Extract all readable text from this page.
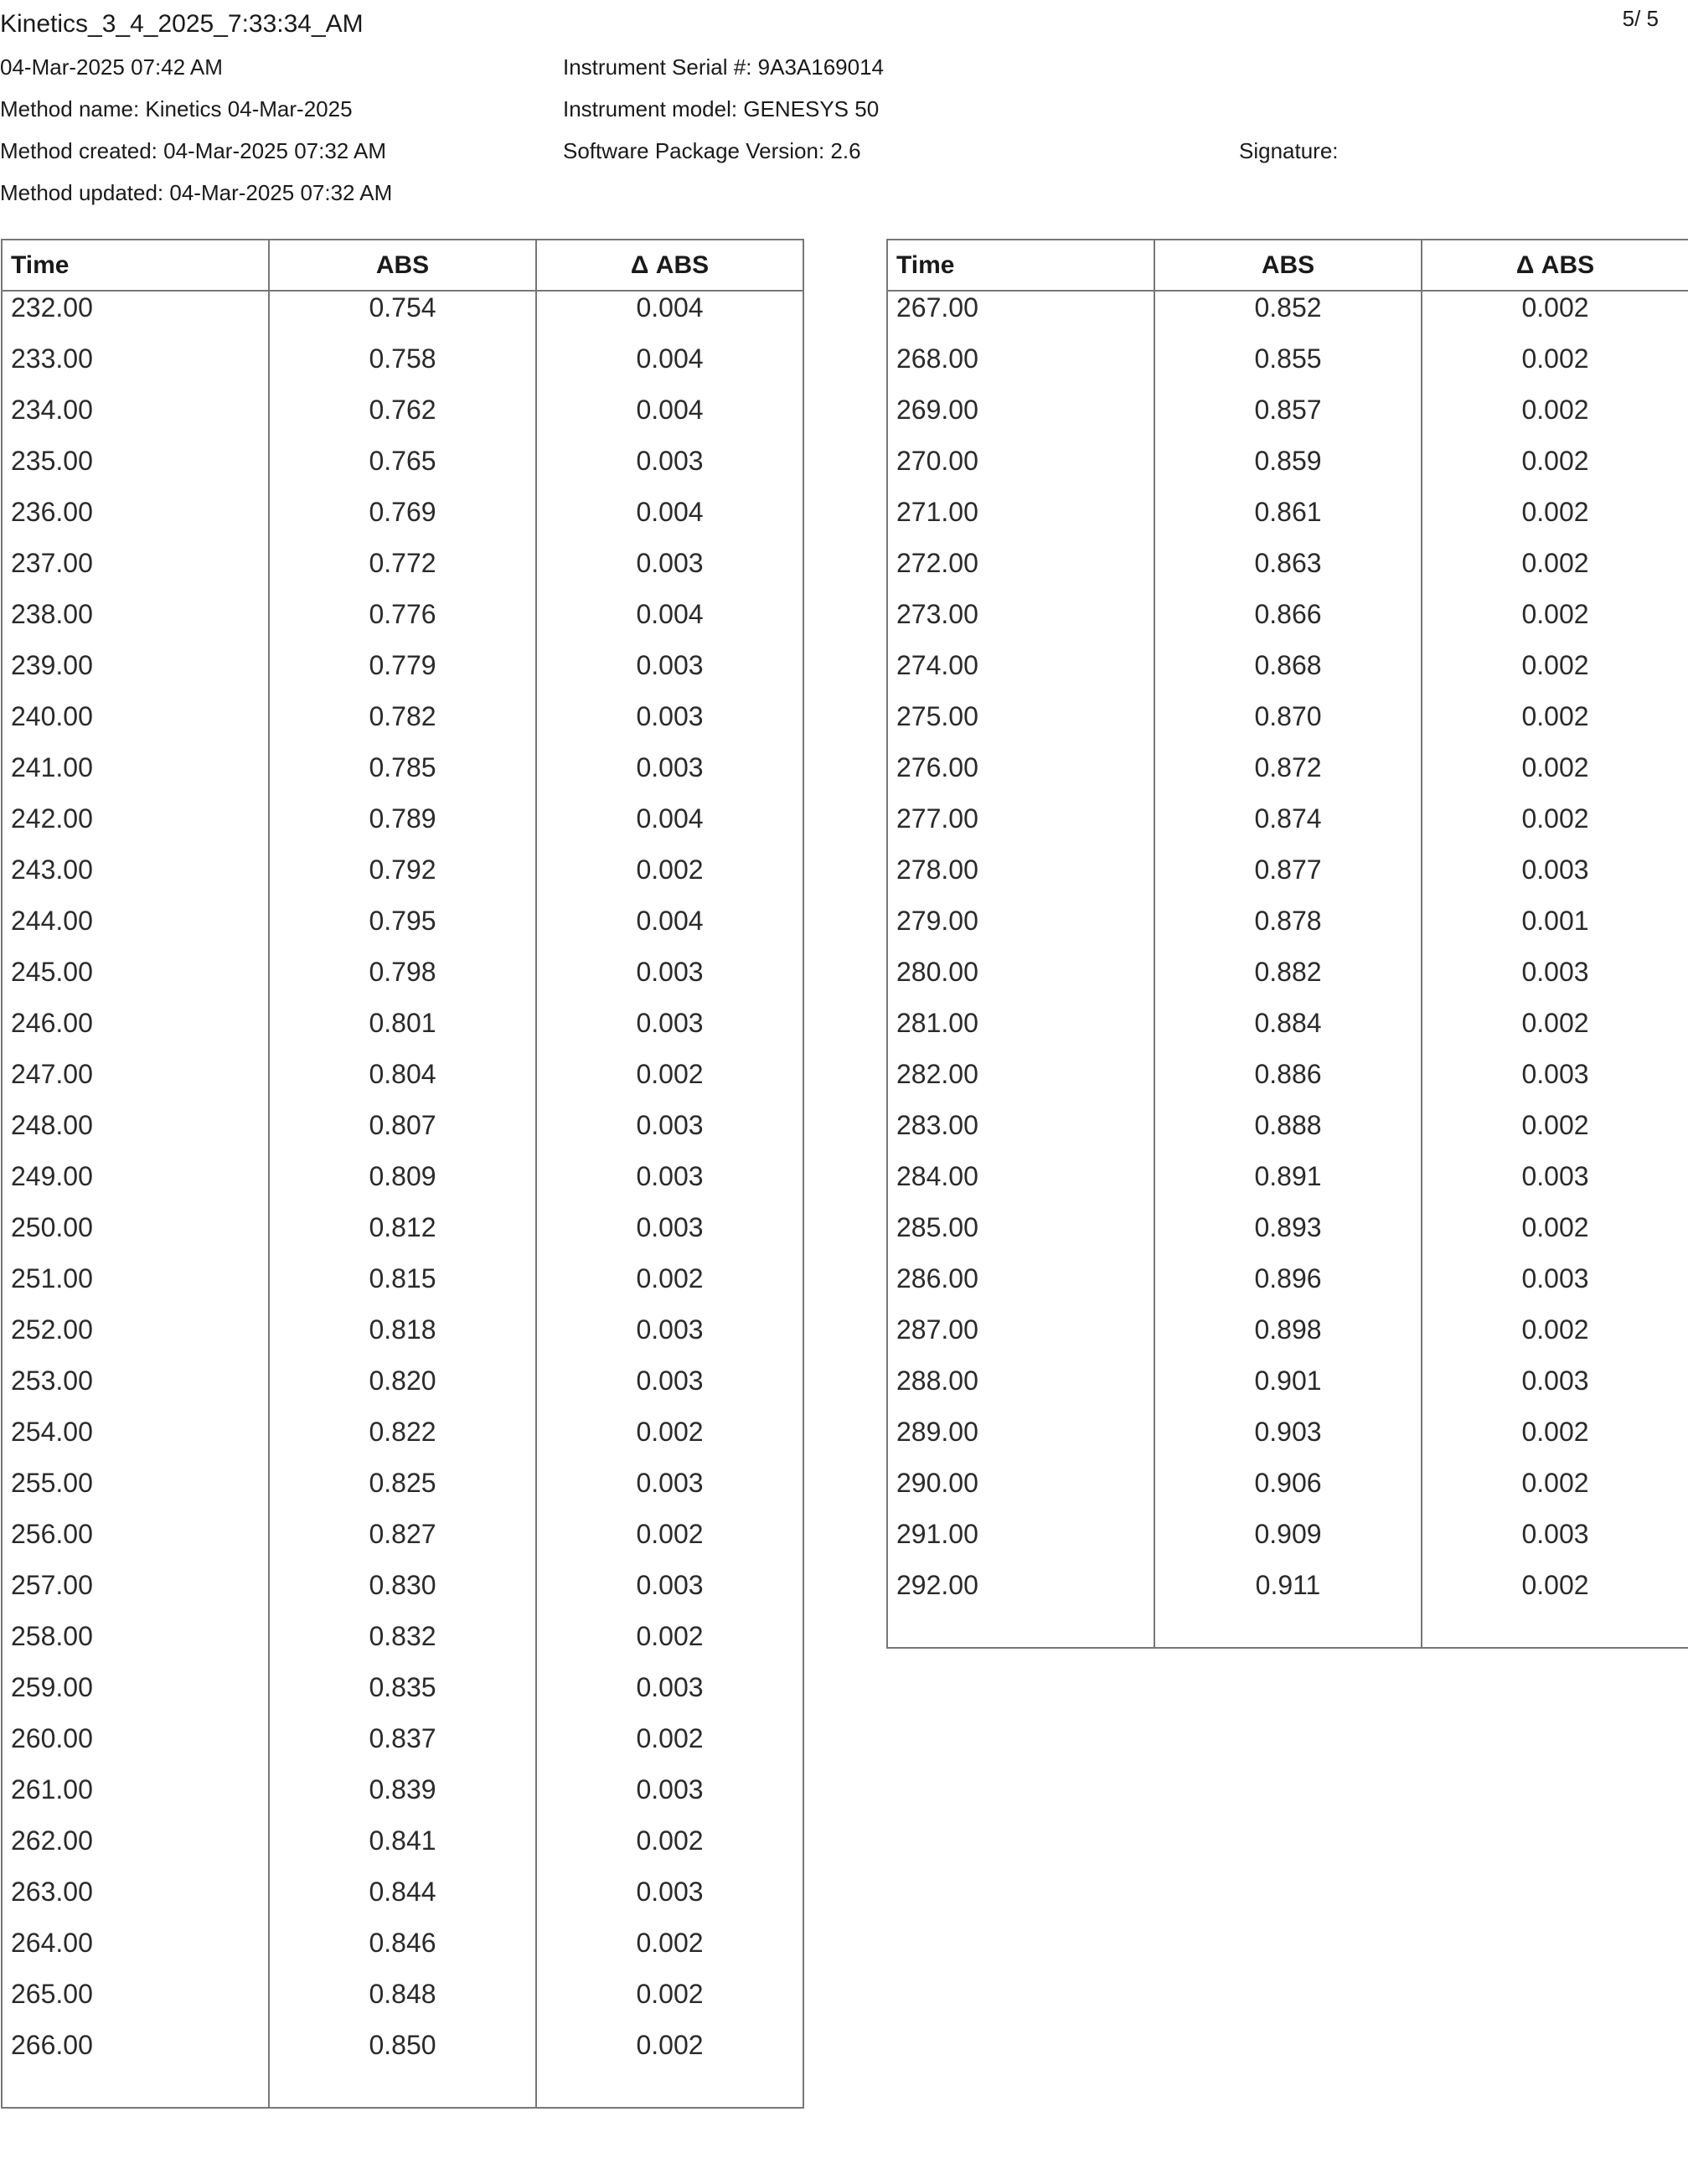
Kinetics_3_4_2025_7:33:34_AM	5/ 5
04-Mar-2025 07:42 AM
Method name: Kinetics 04-Mar-2025
Method created: 04-Mar-2025 07:32 AM
Method updated: 04-Mar-2025 07:32 AM
Instrument Serial #: 9A3A169014
Instrument model: GENESYS 50
Software Package Version: 2.6	Signature:
Time	ABS	Δ ABS
232.00	0.754	0.004
233.00	0.758	0.004
234.00	0.762	0.004
235.00	0.765	0.003
236.00	0.769	0.004
237.00	0.772	0.003
238.00	0.776	0.004
239.00	0.779	0.003
240.00	0.782	0.003
241.00	0.785	0.003
242.00	0.789	0.004
243.00	0.792	0.002
244.00	0.795	0.004
245.00	0.798	0.003
246.00	0.801	0.003
247.00	0.804	0.002
248.00	0.807	0.003
249.00	0.809	0.003
250.00	0.812	0.003
251.00	0.815	0.002
252.00	0.818	0.003
253.00	0.820	0.003
254.00	0.822	0.002
255.00	0.825	0.003
256.00	0.827	0.002
257.00	0.830	0.003
258.00	0.832	0.002
259.00	0.835	0.003
260.00	0.837	0.002
261.00	0.839	0.003
262.00	0.841	0.002
263.00	0.844	0.003
264.00	0.846	0.002
265.00	0.848	0.002
266.00	0.850	0.002

Time	ABS	Δ ABS
267.00	0.852	0.002
268.00	0.855	0.002
269.00	0.857	0.002
270.00	0.859	0.002
271.00	0.861	0.002
272.00	0.863	0.002
273.00	0.866	0.002
274.00	0.868	0.002
275.00	0.870	0.002
276.00	0.872	0.002
277.00	0.874	0.002
278.00	0.877	0.003
279.00	0.878	0.001
280.00	0.882	0.003
281.00	0.884	0.002
282.00	0.886	0.003
283.00	0.888	0.002
284.00	0.891	0.003
285.00	0.893	0.002
286.00	0.896	0.003
287.00	0.898	0.002
288.00	0.901	0.003
289.00	0.903	0.002
290.00	0.906	0.002
291.00	0.909	0.003
292.00	0.911	0.002
